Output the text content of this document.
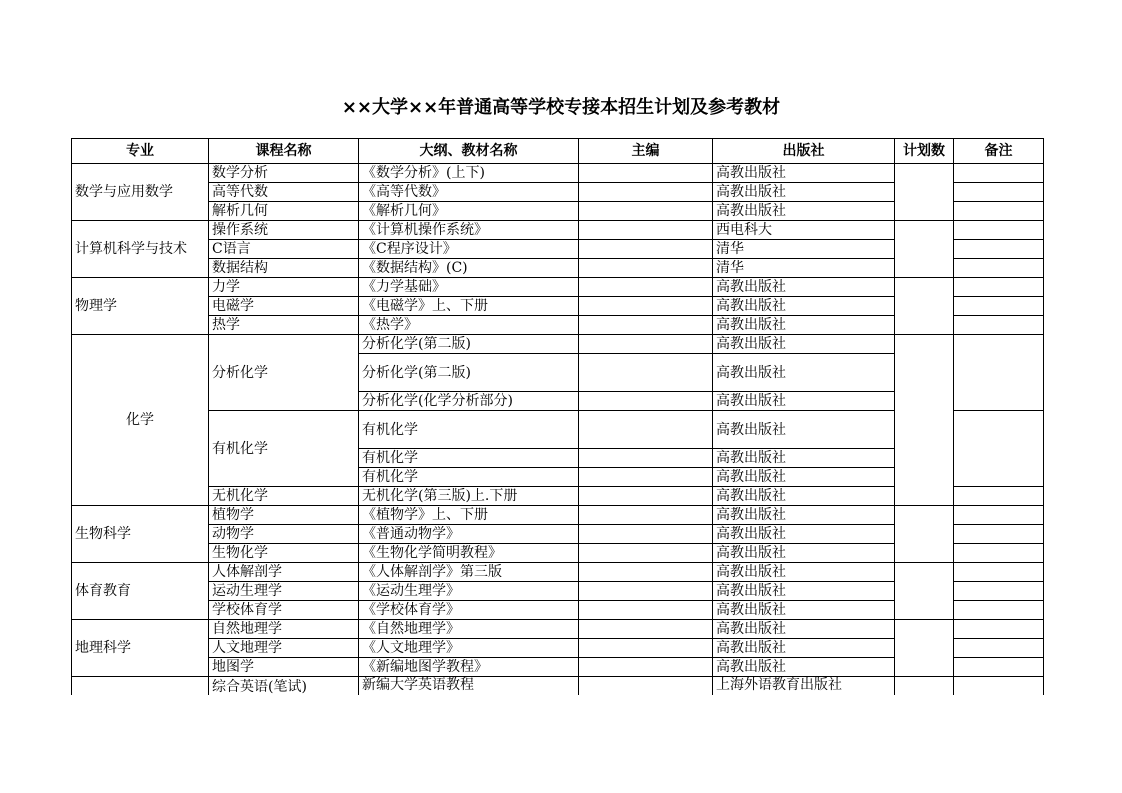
××大学××年普通高等学校专接本招生计划及参考教材
专业	课程名称	大纲、教材名称	主编	出版社	计划数	备注
数学与应用数学	数学分析	《数学分析》(上下)		高教出版社		
	高等代数	《高等代数》		高教出版社		
	解析几何	《解析几何》		高教出版社		
计算机科学与技术	操作系统	《计算机操作系统》		西电科大		
	C语言	《C程序设计》		清华		
	数据结构	《数据结构》(C)		清华		
物理学	力学	《力学基础》		高教出版社		
	电磁学	《电磁学》上、下册		高教出版社		
	热学	《热学》		高教出版社		
化学	分析化学	分析化学(第二版)		高教出版社		
		分析化学(第二版)		高教出版社		
		分析化学(化学分析部分)		高教出版社		
	有机化学	有机化学		高教出版社		
		有机化学		高教出版社		
		有机化学		高教出版社		
	无机化学	无机化学(第三版)上.下册		高教出版社		
生物科学	植物学	《植物学》上、下册		高教出版社		
	动物学	《普通动物学》		高教出版社		
	生物化学	《生物化学简明教程》		高教出版社		
体育教育	人体解剖学	《人体解剖学》第三版		高教出版社		
	运动生理学	《运动生理学》		高教出版社		
	学校体育学	《学校体育学》		高教出版社		
地理科学	自然地理学	《自然地理学》		高教出版社		
	人文地理学	《人文地理学》		高教出版社		
	地图学	《新编地图学教程》		高教出版社		
	综合英语(笔试)	新编大学英语教程		上海外语教育出版社		
